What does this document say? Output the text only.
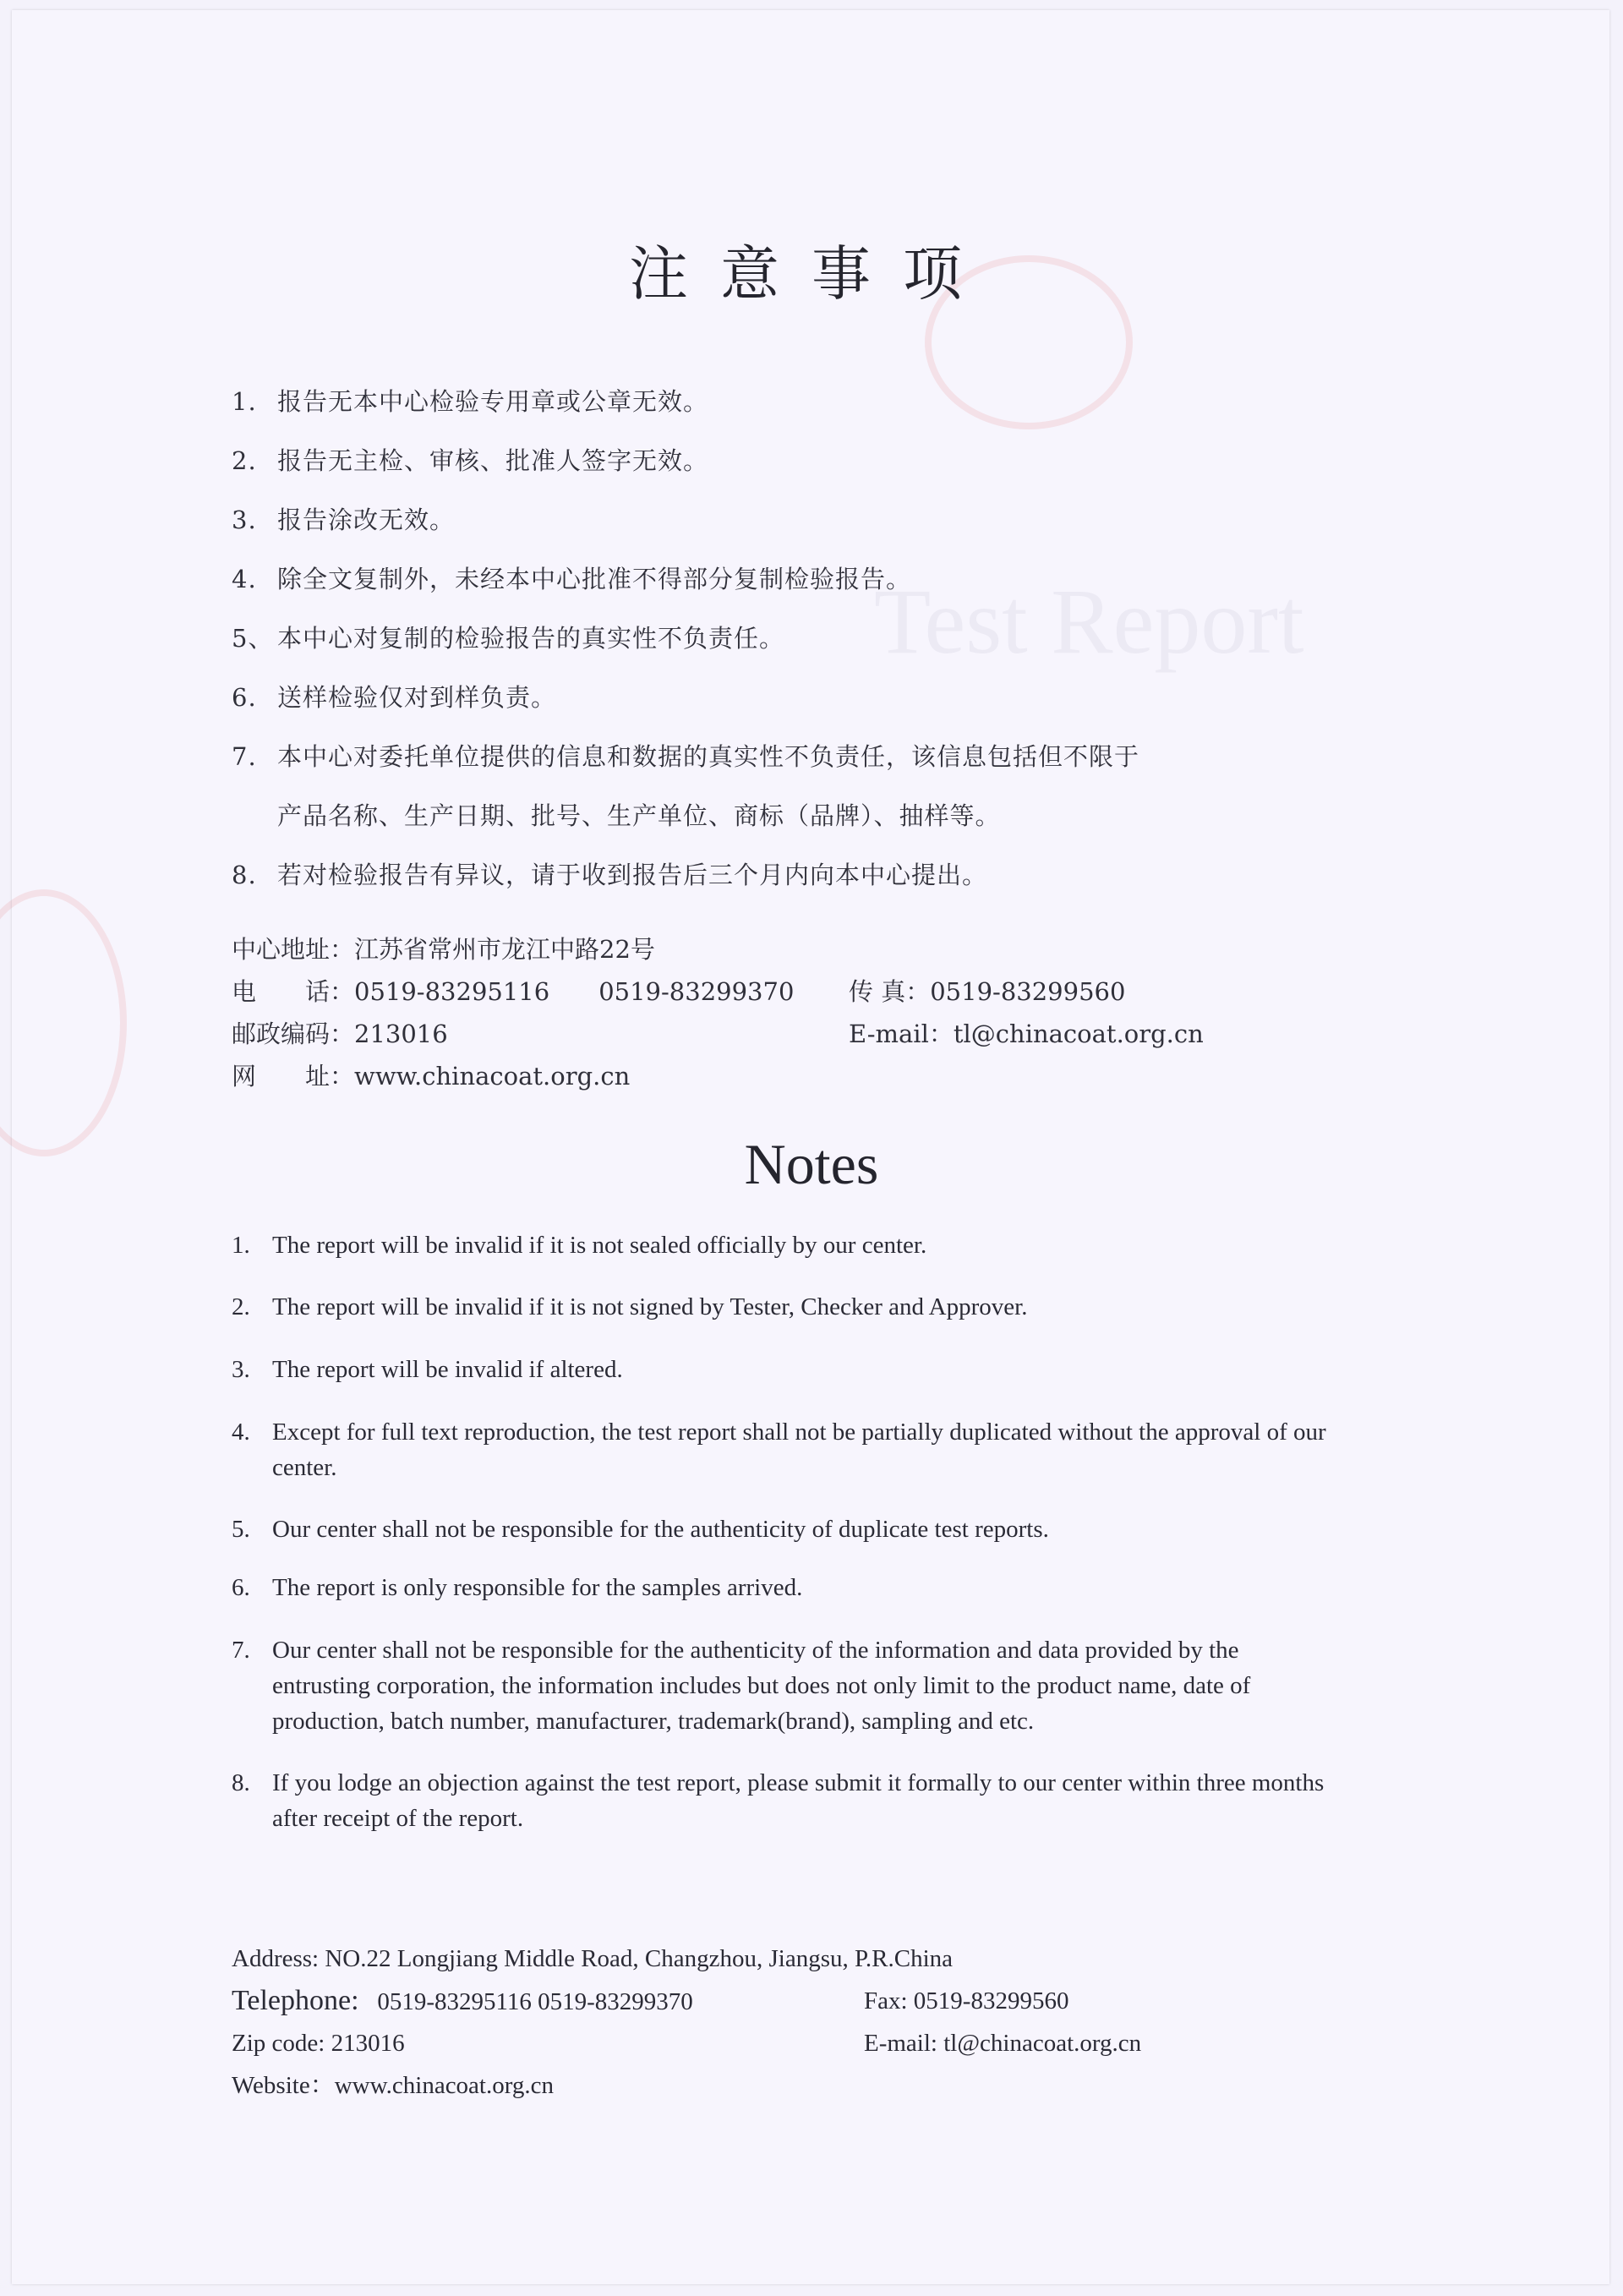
Test Report
注意事项
1. 报告无本中心检验专用章或公章无效。
2. 报告无主检、审核、批准人签字无效。
3. 报告涂改无效。
4. 除全文复制外，未经本中心批准不得部分复制检验报告。
5、 本中心对复制的检验报告的真实性不负责任。
6. 送样检验仅对到样负责。
7. 本中心对委托单位提供的信息和数据的真实性不负责任，该信息包括但不限于
产品名称、生产日期、批号、生产单位、商标（品牌）、抽样等。
8. 若对检验报告有异议，请于收到报告后三个月内向本中心提出。
中心地址：江苏省常州市龙江中路22号
电　　话：0519-83295116　　0519-83299370 传 真：0519-83299560
邮政编码：213016	E-mail：tl@chinacoat.org.cn
网　　址：www.chinacoat.org.cn
Notes
1. The report will be invalid if it is not sealed officially by our center.
2. The report will be invalid if it is not signed by Tester, Checker and Approver.
3. The report will be invalid if altered.
4. Except for full text reproduction, the test report shall not be partially duplicated without the approval of our center.
5. Our center shall not be responsible for the authenticity of duplicate test reports.
6. The report is only responsible for the samples arrived.
7. Our center shall not be responsible for the authenticity of the information and data provided by the entrusting corporation, the information includes but does not only limit to the product name, date of production, batch number, manufacturer, trademark(brand), sampling and etc.
8. If you lodge an objection against the test report, please submit it formally to our center within three months after receipt of the report.
Address: NO.22 Longjiang Middle Road, Changzhou, Jiangsu, P.R.China
Telephone: 0519-83295116 0519-83299370	Fax: 0519-83299560
Zip code: 213016	E-mail: tl@chinacoat.org.cn
Website：www.chinacoat.org.cn
